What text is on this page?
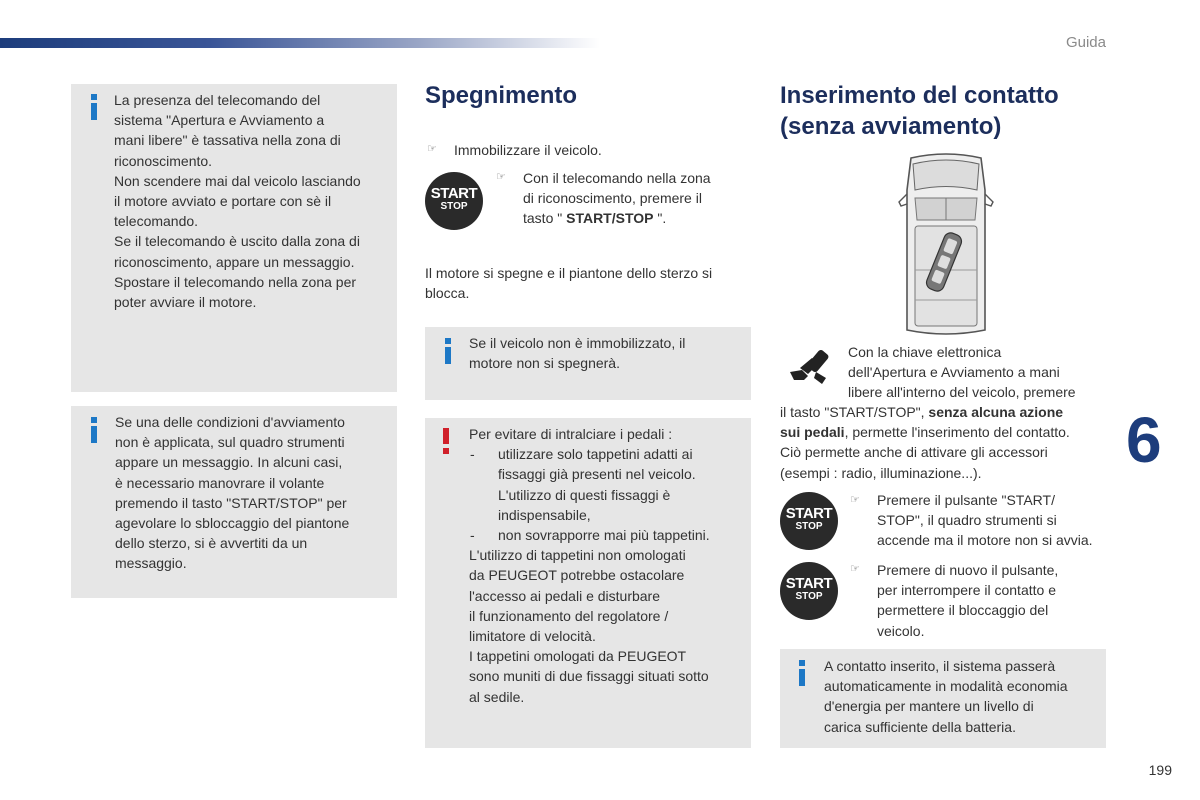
Guida
6
199
La presenza del telecomando del
sistema "Apertura e Avviamento a
mani libere" è tassativa nella zona di
riconoscimento.
Non scendere mai dal veicolo lasciando
il motore avviato e portare con sè il
telecomando.
Se il telecomando è uscito dalla zona di
riconoscimento, appare un messaggio.
Spostare il telecomando nella zona per
poter avviare il motore.
Se una delle condizioni d'avviamento
non è applicata, sul quadro strumenti
appare un messaggio. In alcuni casi,
è necessario manovrare il volante
premendo il tasto "START/STOP" per
agevolare lo sbloccaggio del piantone
dello sterzo, si è avvertiti da un
messaggio.
Spegnimento
☞ Immobilizzare il veicolo.
START
STOP
☞ Con il telecomando nella zona
di riconoscimento, premere il
tasto " START/STOP ".
Il motore si spegne e il piantone dello sterzo si
blocca.
Se il veicolo non è immobilizzato, il
motore non si spegnerà.
Per evitare di intralciare i pedali :
- utilizzare solo tappetini adatti ai
fissaggi già presenti nel veicolo.
L'utilizzo di questi fissaggi è
indispensabile,
- non sovrapporre mai più tappetini.
L'utilizzo di tappetini non omologati
da PEUGEOT potrebbe ostacolare
l'accesso ai pedali e disturbare
il funzionamento del regolatore /
limitatore di velocità.
I tappetini omologati da PEUGEOT
sono muniti di due fissaggi situati sotto
al sedile.
Inserimento del contatto
(senza avviamento)
Con la chiave elettronica
dell'Apertura e Avviamento a mani
libere all'interno del veicolo, premere
il tasto "START/STOP", senza alcuna azione
sui pedali, permette l'inserimento del contatto.
Ciò permette anche di attivare gli accessori
(esempi : radio, illuminazione...).
START
STOP
☞ Premere il pulsante "START/
STOP", il quadro strumenti si
accende ma il motore non si avvia.
START
STOP
☞ Premere di nuovo il pulsante,
per interrompere il contatto e
permettere il bloccaggio del
veicolo.
A contatto inserito, il sistema passerà
automaticamente in modalità economia
d'energia per mantere un livello di
carica sufficiente della batteria.
